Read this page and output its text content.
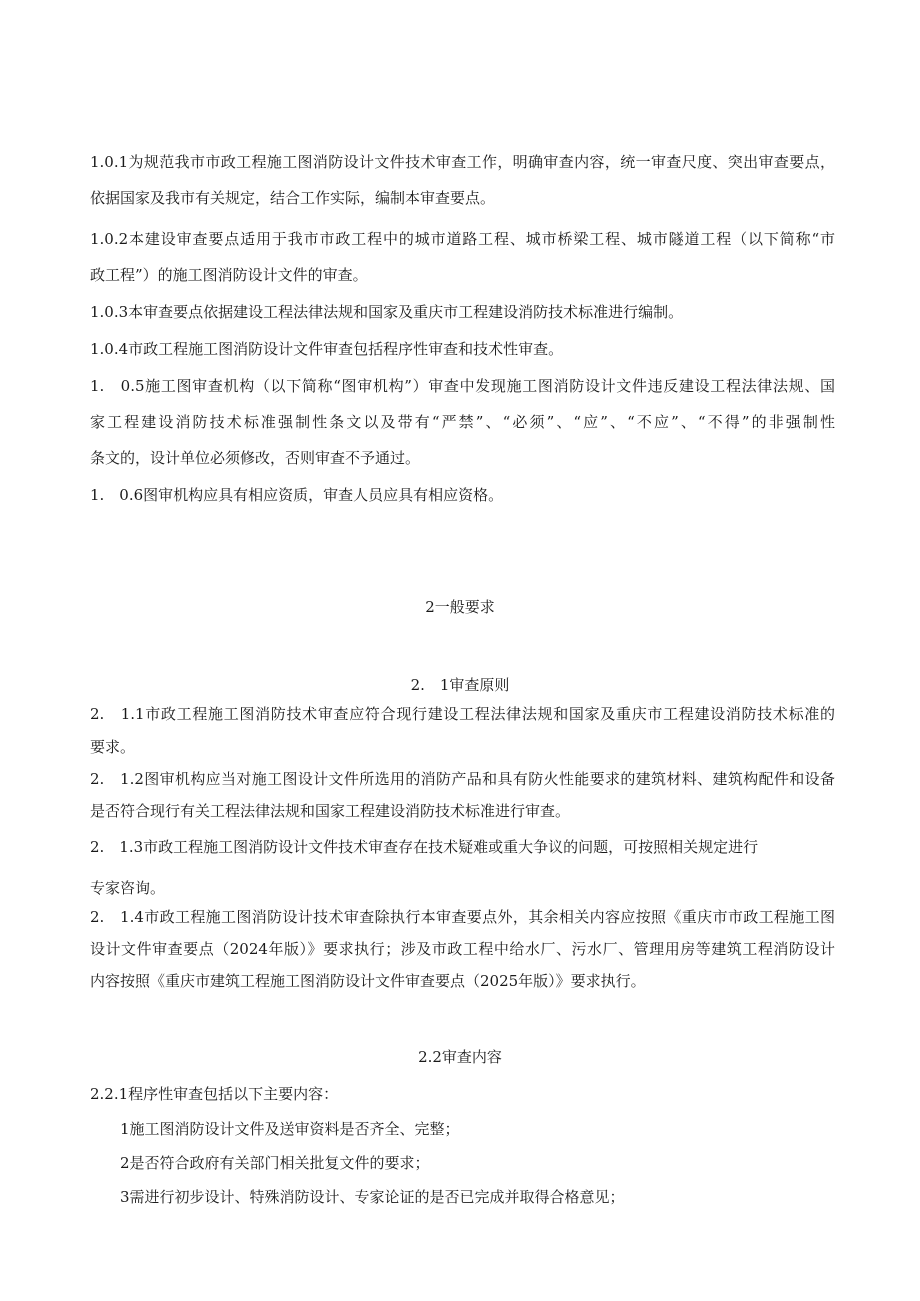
1.0.1为规范我市市政工程施工图消防设计文件技术审查工作，明确审查内容，统一审查尺度、突出审查要点，
依据国家及我市有关规定，结合工作实际，编制本审查要点。
1.0.2本建设审查要点适用于我市市政工程中的城市道路工程、城市桥梁工程、城市隧道工程（以下简称“市
政工程”）的施工图消防设计文件的审查。
1.0.3本审查要点依据建设工程法律法规和国家及重庆市工程建设消防技术标准进行编制。
1.0.4市政工程施工图消防设计文件审查包括程序性审查和技术性审查。
1.　0.5施工图审查机构（以下简称“图审机构”）审查中发现施工图消防设计文件违反建设工程法律法规、国
家工程建设消防技术标准强制性条文以及带有“严禁”、“必须”、“应”、“不应”、“不得”的非强制性
条文的，设计单位必须修改，否则审查不予通过。
1.　0.6图审机构应具有相应资质，审查人员应具有相应资格。
2一般要求
2.　1审查原则
2.　1.1市政工程施工图消防技术审查应符合现行建设工程法律法规和国家及重庆市工程建设消防技术标准的
要求。
2.　1.2图审机构应当对施工图设计文件所选用的消防产品和具有防火性能要求的建筑材料、建筑构配件和设备
是否符合现行有关工程法律法规和国家工程建设消防技术标准进行审查。
2.　1.3市政工程施工图消防设计文件技术审查存在技术疑难或重大争议的问题，可按照相关规定进行
专家咨询。
2.　1.4市政工程施工图消防设计技术审查除执行本审查要点外，其余相关内容应按照《重庆市市政工程施工图
设计文件审查要点（2024年版）》要求执行；涉及市政工程中给水厂、污水厂、管理用房等建筑工程消防设计
内容按照《重庆市建筑工程施工图消防设计文件审查要点（2025年版）》要求执行。
2.2审查内容
2.2.1程序性审查包括以下主要内容：
1施工图消防设计文件及送审资料是否齐全、完整；
2是否符合政府有关部门相关批复文件的要求；
3需进行初步设计、特殊消防设计、专家论证的是否已完成并取得合格意见；
